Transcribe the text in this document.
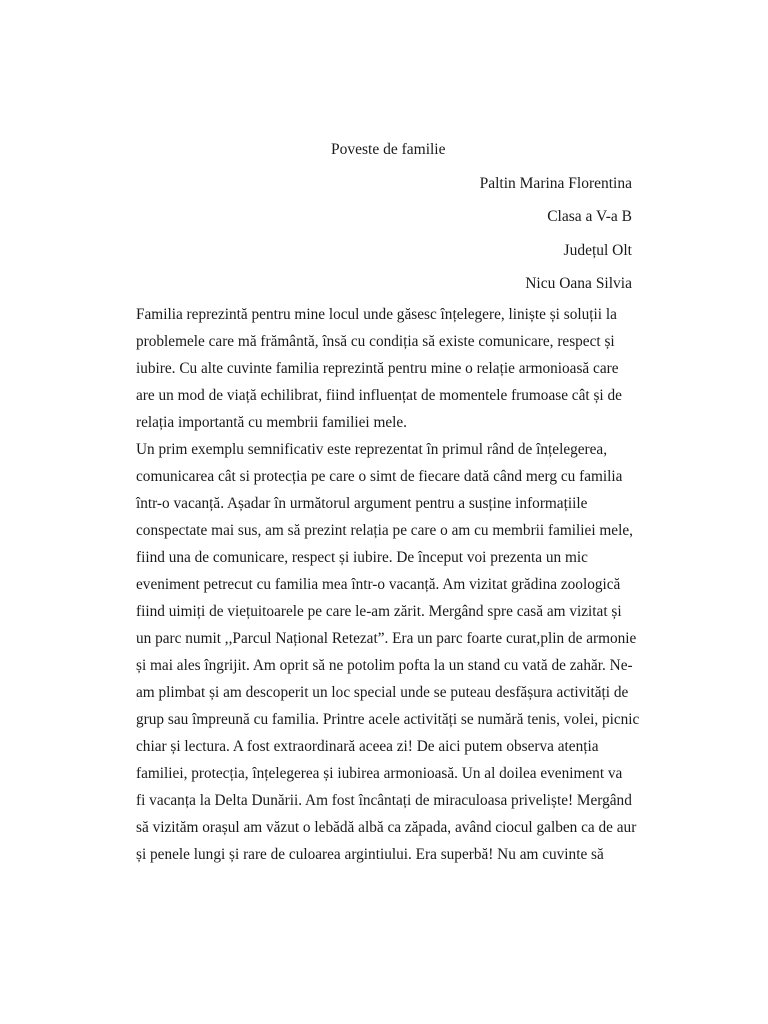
Poveste de familie
Paltin Marina Florentina
Clasa a V-a B
Județul Olt
Nicu Oana Silvia
Familia reprezintă pentru mine locul unde găsesc înțelegere, liniște și soluții la
problemele care mă frământă, însă cu condiția să existe comunicare, respect și
iubire. Cu alte cuvinte familia reprezintă pentru mine o relație armonioasă care
are un mod de viață echilibrat, fiind influențat de momentele frumoase cât și de
relația importantă cu membrii familiei mele.
Un prim exemplu semnificativ este reprezentat în primul rând de înțelegerea,
comunicarea cât si protecția pe care o simt de fiecare dată când merg cu familia
într-o vacanță. Așadar în următorul argument pentru a susține informațiile
conspectate mai sus, am să prezint relația pe care o am cu membrii familiei mele,
fiind una de comunicare, respect și iubire. De început voi prezenta un mic
eveniment petrecut cu familia mea într-o vacanță. Am vizitat grădina zoologică
fiind uimiți de viețuitoarele pe care le-am zărit. Mergând spre casă am vizitat și
un parc numit ,,Parcul Național Retezat”. Era un parc foarte curat,plin de armonie
și mai ales îngrijit. Am oprit să ne potolim pofta la un stand cu vată de zahăr. Ne-
am plimbat și am descoperit un loc special unde se puteau desfășura activități de
grup sau împreună cu familia. Printre acele activități se numără tenis, volei, picnic
chiar și lectura. A fost extraordinară aceea zi! De aici putem observa atenția
familiei, protecția, înțelegerea și iubirea armonioasă. Un al doilea eveniment va
fi vacanța la Delta Dunării. Am fost încântați de miraculoasa priveliște! Mergând
să vizităm orașul am văzut o lebădă albă ca zăpada, având ciocul galben ca de aur
și penele lungi și rare de culoarea argintiului. Era superbă! Nu am cuvinte să
